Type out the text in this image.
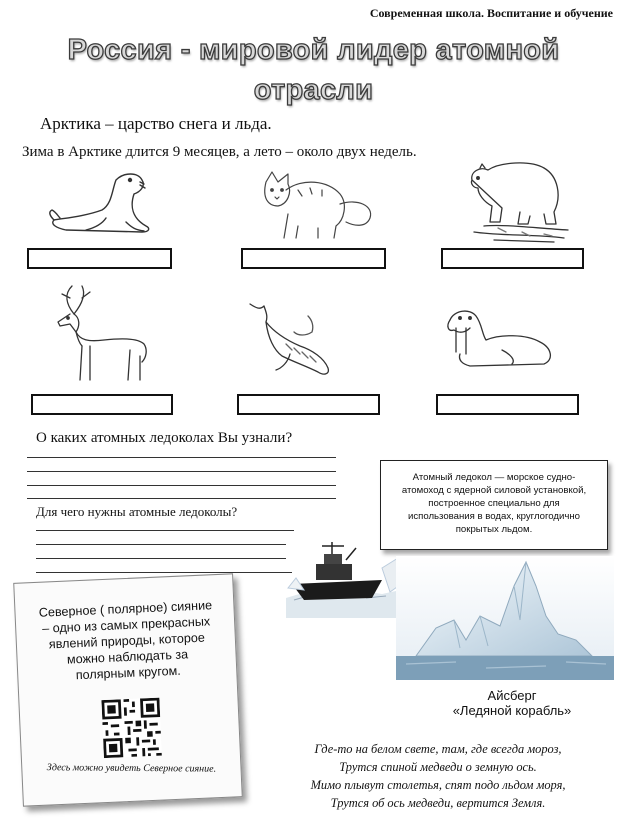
Современная школа. Воспитание и обучение
Россия - мировой лидер атомной
отрасли
Арктика – царство снега и льда.
Зима в Арктике длится 9 месяцев, а лето – около двух недель.
О каких атомных ледоколах Вы узнали?
Для чего нужны атомные ледоколы?
Атомный ледокол — морское судно-
атомоход с ядерной силовой установкой,
построенное специально для
использования в водах, круглогодично
покрытых льдом.
Айсберг
«Ледяной корабль»
Северное ( полярное) сияние
– одно из самых прекрасных
явлений природы, которое
можно наблюдать за
полярным кругом.
Здесь можно увидеть Северное сияние.
Где-то на белом свете, там, где всегда мороз,
Трутся спиной медведи о земную ось.
Мимо плывут столетья, спят подо льдом моря,
Трутся об ось медведи, вертится Земля.
